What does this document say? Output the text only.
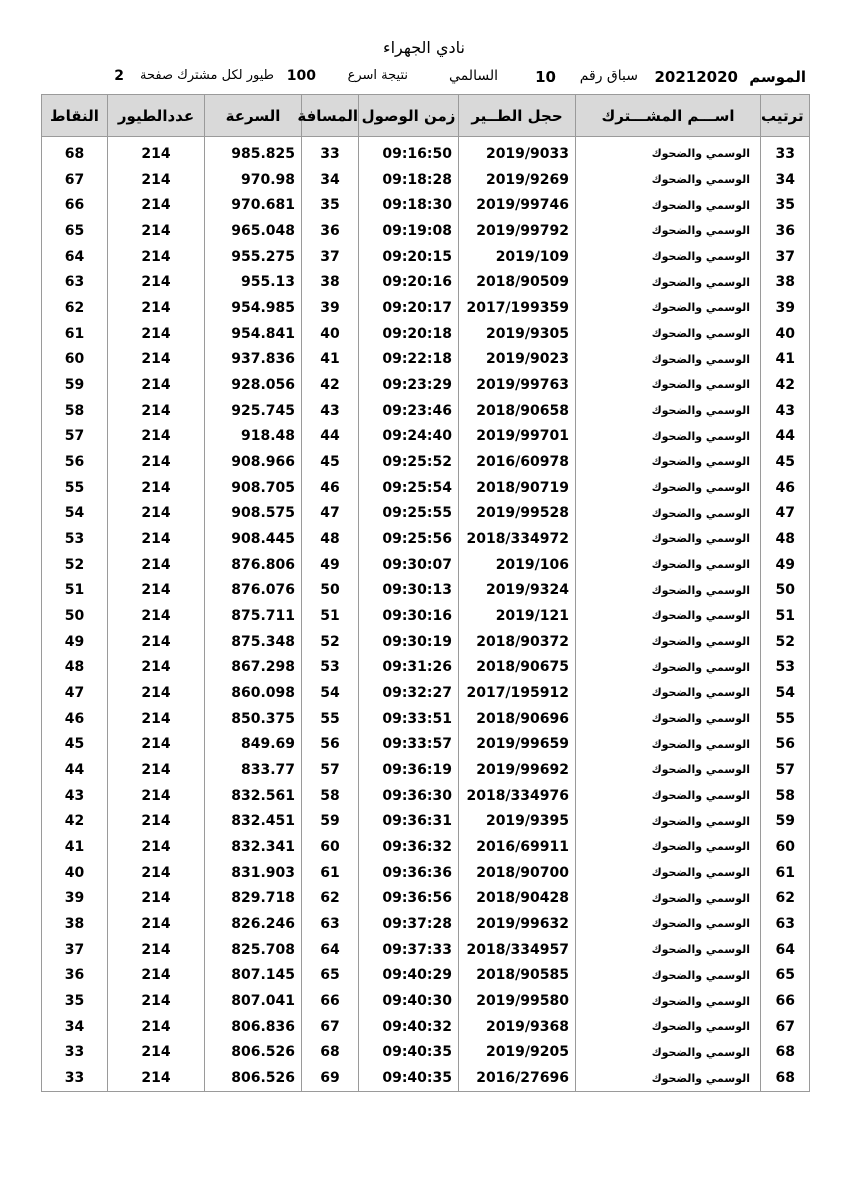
نادي الجهراء
الموسم
20212020
سباق رقم
10
السالمي
نتيجة اسرع
100
طيور لكل مشترك صفحة
2
النقاط	عددالطيور	السرعة	المسافة	زمن الوصول	حجل الطــير	اســـم المشـــترك	ترتيب

68	214	985.825	33	09:16:50	2019/9033	الوسمي والضحوك	33
67	214	970.98	34	09:18:28	2019/9269	الوسمي والضحوك	34
66	214	970.681	35	09:18:30	2019/99746	الوسمي والضحوك	35
65	214	965.048	36	09:19:08	2019/99792	الوسمي والضحوك	36
64	214	955.275	37	09:20:15	2019/109	الوسمي والضحوك	37
63	214	955.13	38	09:20:16	2018/90509	الوسمي والضحوك	38
62	214	954.985	39	09:20:17	2017/199359	الوسمي والضحوك	39
61	214	954.841	40	09:20:18	2019/9305	الوسمي والضحوك	40
60	214	937.836	41	09:22:18	2019/9023	الوسمي والضحوك	41
59	214	928.056	42	09:23:29	2019/99763	الوسمي والضحوك	42
58	214	925.745	43	09:23:46	2018/90658	الوسمي والضحوك	43
57	214	918.48	44	09:24:40	2019/99701	الوسمي والضحوك	44
56	214	908.966	45	09:25:52	2016/60978	الوسمي والضحوك	45
55	214	908.705	46	09:25:54	2018/90719	الوسمي والضحوك	46
54	214	908.575	47	09:25:55	2019/99528	الوسمي والضحوك	47
53	214	908.445	48	09:25:56	2018/334972	الوسمي والضحوك	48
52	214	876.806	49	09:30:07	2019/106	الوسمي والضحوك	49
51	214	876.076	50	09:30:13	2019/9324	الوسمي والضحوك	50
50	214	875.711	51	09:30:16	2019/121	الوسمي والضحوك	51
49	214	875.348	52	09:30:19	2018/90372	الوسمي والضحوك	52
48	214	867.298	53	09:31:26	2018/90675	الوسمي والضحوك	53
47	214	860.098	54	09:32:27	2017/195912	الوسمي والضحوك	54
46	214	850.375	55	09:33:51	2018/90696	الوسمي والضحوك	55
45	214	849.69	56	09:33:57	2019/99659	الوسمي والضحوك	56
44	214	833.77	57	09:36:19	2019/99692	الوسمي والضحوك	57
43	214	832.561	58	09:36:30	2018/334976	الوسمي والضحوك	58
42	214	832.451	59	09:36:31	2019/9395	الوسمي والضحوك	59
41	214	832.341	60	09:36:32	2016/69911	الوسمي والضحوك	60
40	214	831.903	61	09:36:36	2018/90700	الوسمي والضحوك	61
39	214	829.718	62	09:36:56	2018/90428	الوسمي والضحوك	62
38	214	826.246	63	09:37:28	2019/99632	الوسمي والضحوك	63
37	214	825.708	64	09:37:33	2018/334957	الوسمي والضحوك	64
36	214	807.145	65	09:40:29	2018/90585	الوسمي والضحوك	65
35	214	807.041	66	09:40:30	2019/99580	الوسمي والضحوك	66
34	214	806.836	67	09:40:32	2019/9368	الوسمي والضحوك	67
33	214	806.526	68	09:40:35	2019/9205	الوسمي والضحوك	68
33	214	806.526	69	09:40:35	2016/27696	الوسمي والضحوك	68
